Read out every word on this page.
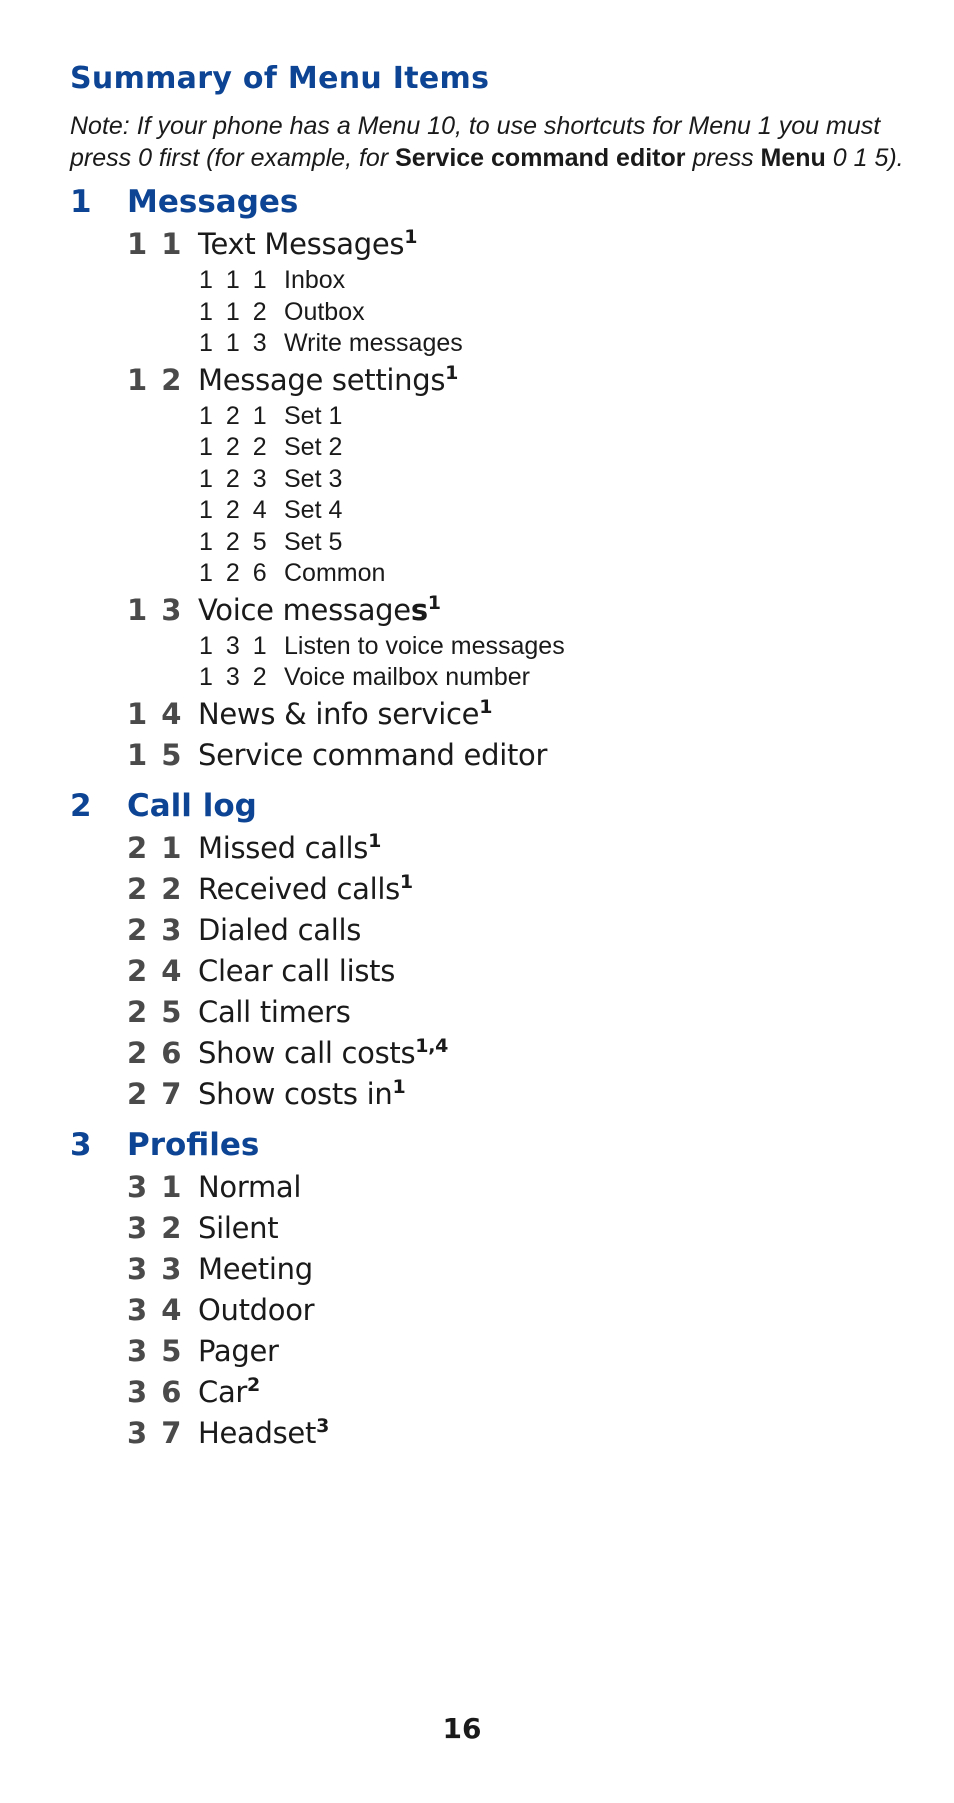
Summary of Menu Items
Note: If your phone has a Menu 10, to use shortcuts for Menu 1 you must press 0 first (for example, for Service command editor press Menu 0 1 5).
1	Messages
1 1 Text Messages$^1$
1 1 1 Inbox
1 1 2 Outbox
1 1 3 Write messages
1 2 Message settings$^1$
1 2 1 Set 1
1 2 2 Set 2
1 2 3 Set 3
1 2 4 Set 4
1 2 5 Set 5
1 2 6 Common
1 3 Voice messages$^1$
1 3 1 Listen to voice messages
1 3 2 Voice mailbox number
1 4 News & info service$^1$
1 5 Service command editor
2	Call log
2 1 Missed calls$^1$
2 2 Received calls$^1$
2 3 Dialed calls
2 4 Clear call lists
2 5 Call timers
2 6 Show call costs$^{1,4}$
2 7 Show costs $in^1$
3	Profiles
3 1 Normal
3 2 Silent
3 3 Meeting
3 4 Outdoor
3 5 Pager
3 6 Car$^2$
3 7 Headset$^3$
16
